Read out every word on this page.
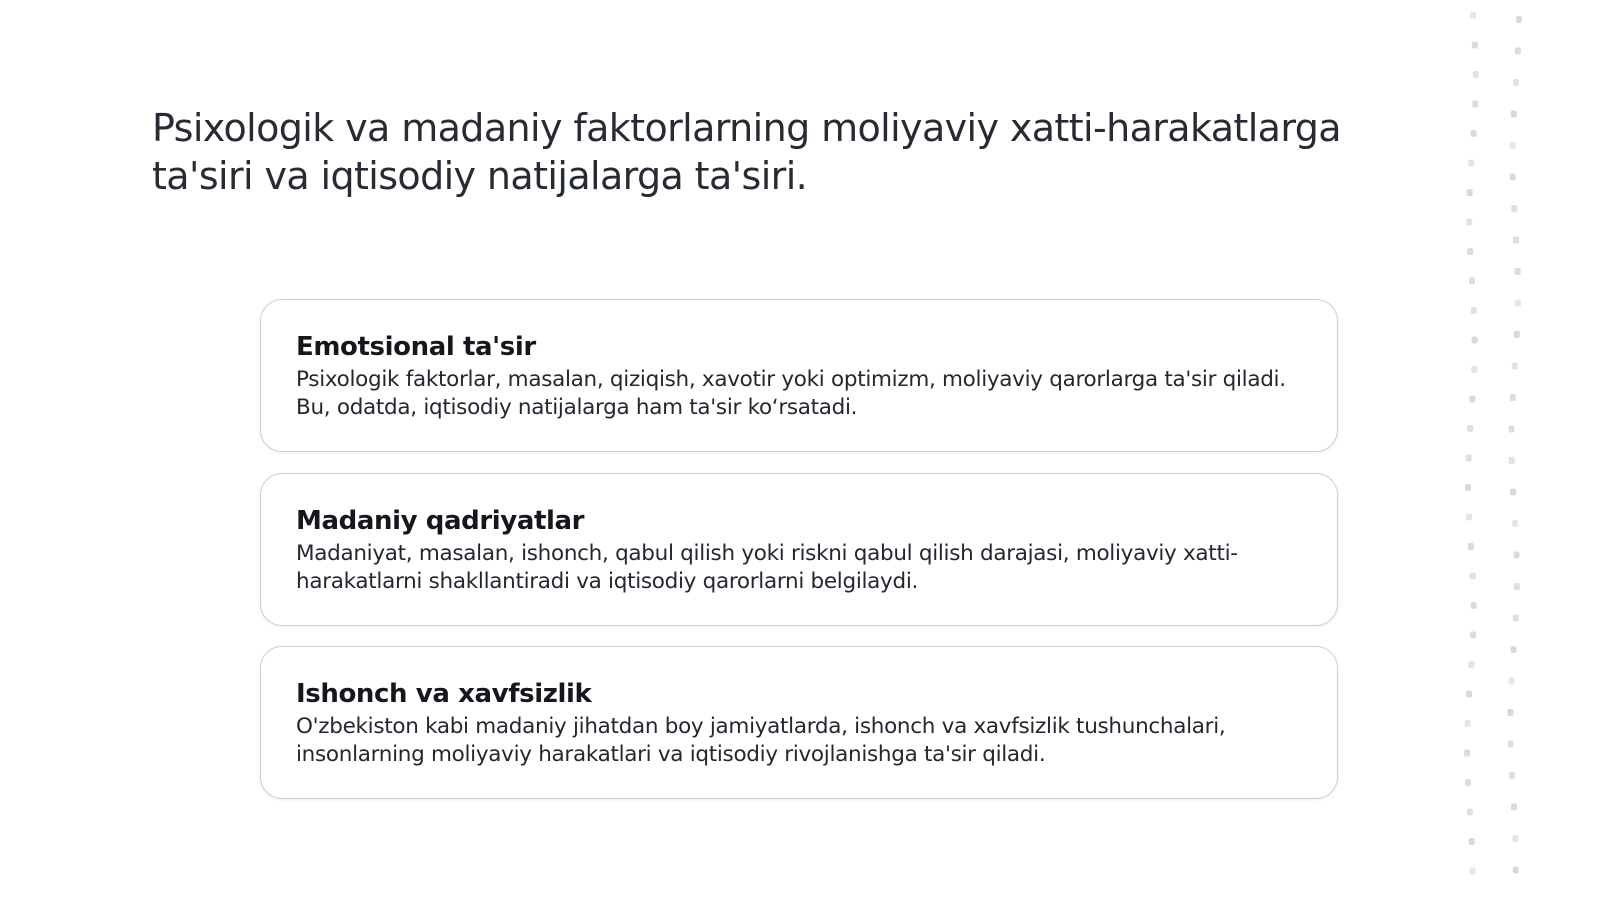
Psixologik va madaniy faktorlarning moliyaviy xatti-harakatlarga ta'siri va iqtisodiy natijalarga ta'siri.
Emotsional ta'sir

Psixologik faktorlar, masalan, qiziqish, xavotir yoki optimizm, moliyaviy qarorlarga ta'sir qiladi. Bu, odatda, iqtisodiy natijalarga ham ta'sir ko‘rsatadi.

Madaniy qadriyatlar

Madaniyat, masalan, ishonch, qabul qilish yoki riskni qabul qilish darajasi, moliyaviy xatti-harakatlarni shakllantiradi va iqtisodiy qarorlarni belgilaydi.

Ishonch va xavfsizlik

O'zbekiston kabi madaniy jihatdan boy jamiyatlarda, ishonch va xavfsizlik tushunchalari, insonlarning moliyaviy harakatlari va iqtisodiy rivojlanishga ta'sir qiladi.
